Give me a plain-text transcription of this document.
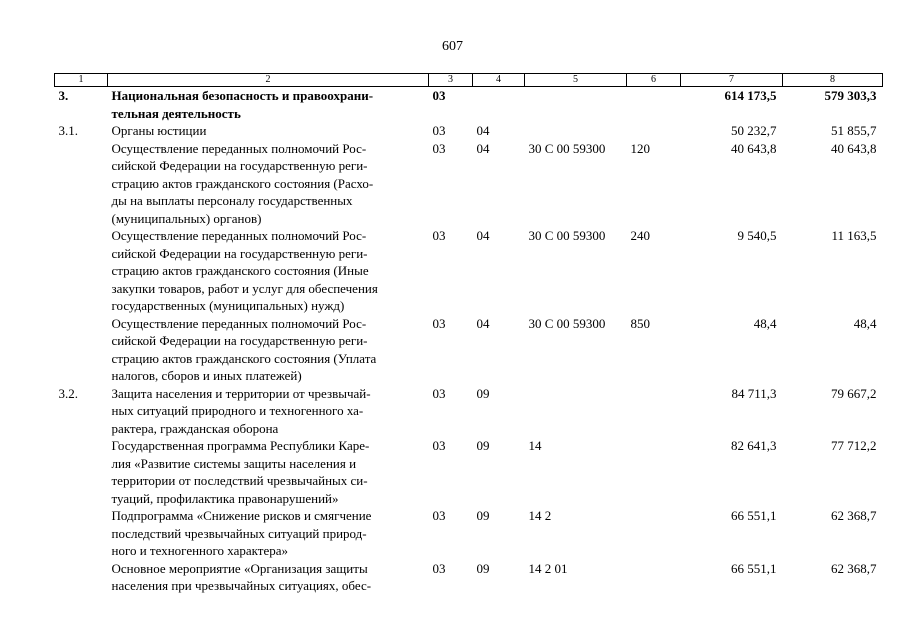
607
1	2	3	4	5	6	7	8
3.	Национальная безопасность и правоохрани-
тельная деятельность	03				614 173,5	579 303,3
3.1.	Органы юстиции	03	04			50 232,7	51 855,7
	Осуществление переданных полномочий Рос-
сийской Федерации на государственную реги-
страцию актов гражданского состояния (Расхо-
ды на выплаты персоналу государственных
(муниципальных) органов)	03	04	30 С 00 59300	120	40 643,8	40 643,8
	Осуществление переданных полномочий Рос-
сийской Федерации на государственную реги-
страцию актов гражданского состояния (Иные
закупки товаров, работ и услуг для обеспечения
государственных (муниципальных) нужд)	03	04	30 С 00 59300	240	9 540,5	11 163,5
	Осуществление переданных полномочий Рос-
сийской Федерации на государственную реги-
страцию актов гражданского состояния (Уплата
налогов, сборов и иных платежей)	03	04	30 С 00 59300	850	48,4	48,4
3.2.	Защита населения и территории от чрезвычай-
ных ситуаций природного и техногенного ха-
рактера, гражданская оборона	03	09			84 711,3	79 667,2
	Государственная программа Республики Каре-
лия «Развитие системы защиты населения и
территории от последствий чрезвычайных си-
туаций, профилактика правонарушений»	03	09	14		82 641,3	77 712,2
	Подпрограмма «Снижение рисков и смягчение
последствий чрезвычайных ситуаций природ-
ного и техногенного характера»	03	09	14 2		66 551,1	62 368,7
	Основное мероприятие «Организация защиты
населения при чрезвычайных ситуациях, обес-	03	09	14 2 01		66 551,1	62 368,7
